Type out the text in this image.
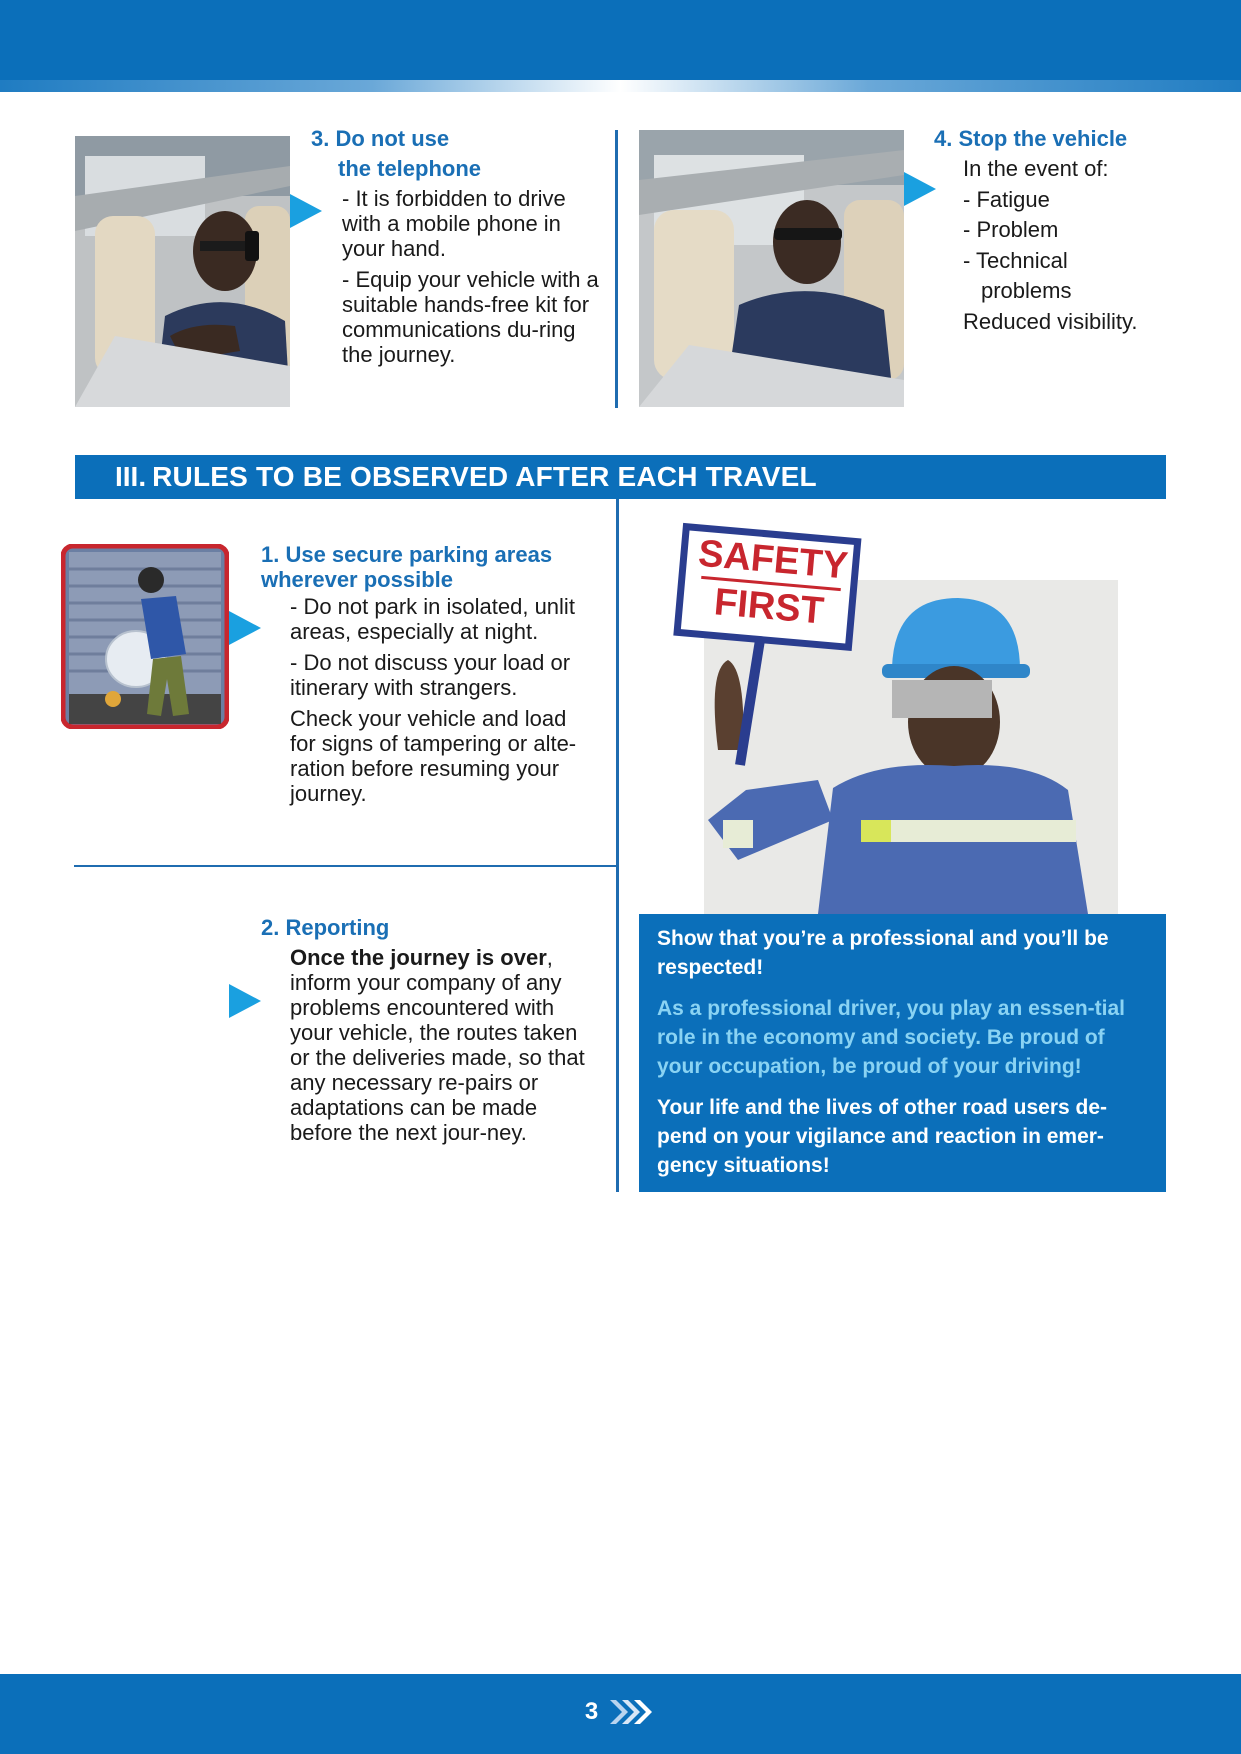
3. Do not use

the telephone

- It is forbidden to drive with a mobile phone in your hand.

- Equip your vehicle with a suitable hands-free kit for communications du-ring the journey.

4. Stop the vehicle

In the event of:
- Fatigue
- Problem
- Technical
problems
Reduced visibility.
III. RULES TO BE OBSERVED AFTER EACH TRAVEL

1. Use secure parking areas wherever possible

- Do not park in isolated, unlit areas, especially at night.

- Do not discuss your load or itinerary with strangers.

Check your vehicle and load for signs of tampering or alte-ration before resuming your journey.

2. Reporting

Once the journey is over, inform your company of any problems encountered with your vehicle, the routes taken or the deliveries made, so that any necessary re-pairs or adaptations can be made before the next jour-ney.

SAFETY
FIRST

Show that you’re a professional and you’ll be respected!

As a professional driver, you play an essen-tial role in the economy and society. Be proud of your occupation, be proud of your driving!

Your life and the lives of other road users de-pend on your vigilance and reaction in emer-gency situations!

3
